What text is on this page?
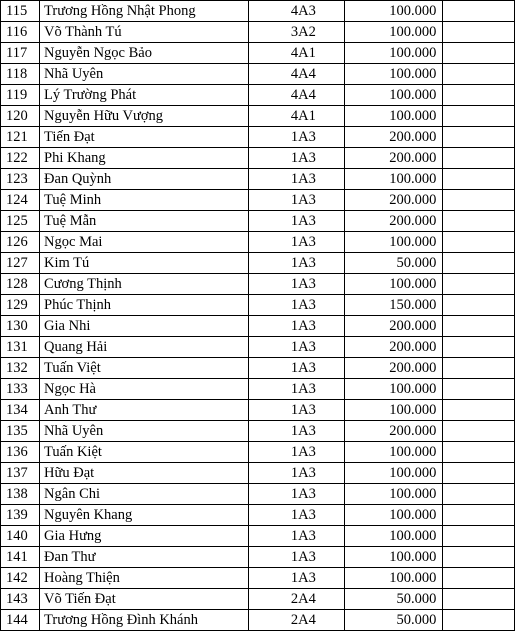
115	Trương Hồng Nhật Phong	4A3	100.000	
116	Võ Thành Tú	3A2	100.000	
117	Nguyễn Ngọc Bảo	4A1	100.000	
118	Nhã Uyên	4A4	100.000	
119	Lý Trường Phát	4A4	100.000	
120	Nguyễn Hữu Vượng	4A1	100.000	
121	Tiến Đạt	1A3	200.000	
122	Phi Khang	1A3	200.000	
123	Đan Quỳnh	1A3	100.000	
124	Tuệ Minh	1A3	200.000	
125	Tuệ Mẫn	1A3	200.000	
126	Ngọc Mai	1A3	100.000	
127	Kim Tú	1A3	50.000	
128	Cương Thịnh	1A3	100.000	
129	Phúc Thịnh	1A3	150.000	
130	Gia Nhi	1A3	200.000	
131	Quang Hải	1A3	200.000	
132	Tuấn Việt	1A3	200.000	
133	Ngọc Hà	1A3	100.000	
134	Anh Thư	1A3	100.000	
135	Nhã Uyên	1A3	200.000	
136	Tuấn Kiệt	1A3	100.000	
137	Hữu Đạt	1A3	100.000	
138	Ngân Chi	1A3	100.000	
139	Nguyên Khang	1A3	100.000	
140	Gia Hưng	1A3	100.000	
141	Đan Thư	1A3	100.000	
142	Hoàng Thiện	1A3	100.000	
143	Võ Tiến Đạt	2A4	50.000	
144	Trương Hồng Đình Khánh	2A4	50.000	
